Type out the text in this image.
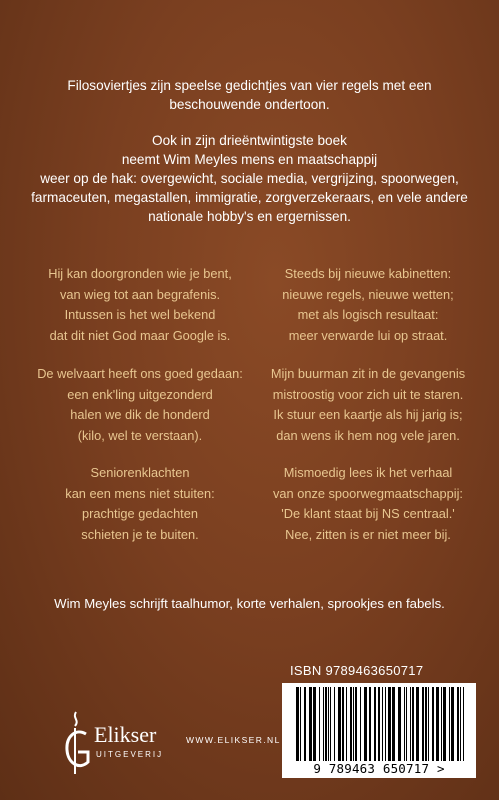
Filosoviertjes zijn speelse gedichtjes van vier regels met een
beschouwende ondertoon.

Ook in zijn drieëntwintigste boek
neemt Wim Meyles mens en maatschappij
weer op de hak: overgewicht, sociale media, vergrijzing, spoorwegen,
farmaceuten, megastallen, immigratie, zorgverzekeraars, en vele andere
nationale hobby's en ergernissen.

Hij kan doorgronden wie je bent,
van wieg tot aan begrafenis.
Intussen is het wel bekend
dat dit niet God maar Google is.
De welvaart heeft ons goed gedaan:
een enk'ling uitgezonderd
halen we dik de honderd
(kilo, wel te verstaan).
Seniorenklachten
kan een mens niet stuiten:
prachtige gedachten
schieten je te buiten.
Steeds bij nieuwe kabinetten:
nieuwe regels, nieuwe wetten;
met als logisch resultaat:
meer verwarde lui op straat.
Mijn buurman zit in de gevangenis
mistroostig voor zich uit te staren.
Ik stuur een kaartje als hij jarig is;
dan wens ik hem nog vele jaren.
Mismoedig lees ik het verhaal
van onze spoorwegmaatschappij:
'De klant staat bij NS centraal.'
Nee, zitten is er niet meer bij.
Wim Meyles schrijft taalhumor, korte verhalen, sprookjes en fabels.
ISBN 9789463650717
9 789463 650717 >
Elikser
UITGEVERIJ
WWW.ELIKSER.NL
